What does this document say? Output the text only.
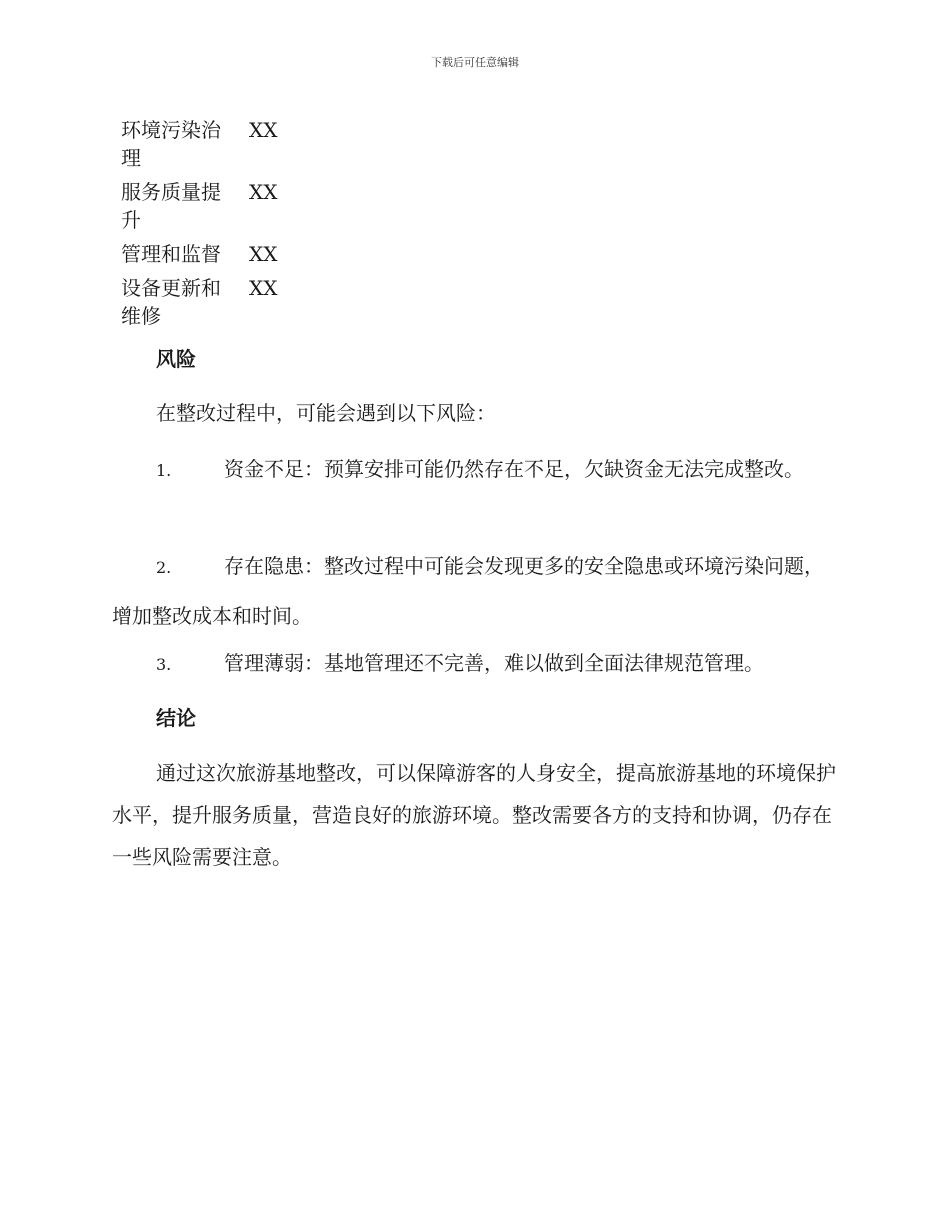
下载后可任意编辑
环境污染治理	XX
服务质量提升	XX
管理和监督	XX
设备更新和维修	XX
风险

在整改过程中，可能会遇到以下风险：

1.	资金不足：预算安排可能仍然存在不足，欠缺资金无法完成整改。

2.	存在隐患：整改过程中可能会发现更多的安全隐患或环境污染问题，增加整改成本和时间。

3.	管理薄弱：基地管理还不完善，难以做到全面法律规范管理。

结论

通过这次旅游基地整改，可以保障游客的人身安全，提高旅游基地的环境保护水平，提升服务质量，营造良好的旅游环境。整改需要各方的支持和协调，仍存在一些风险需要注意。
